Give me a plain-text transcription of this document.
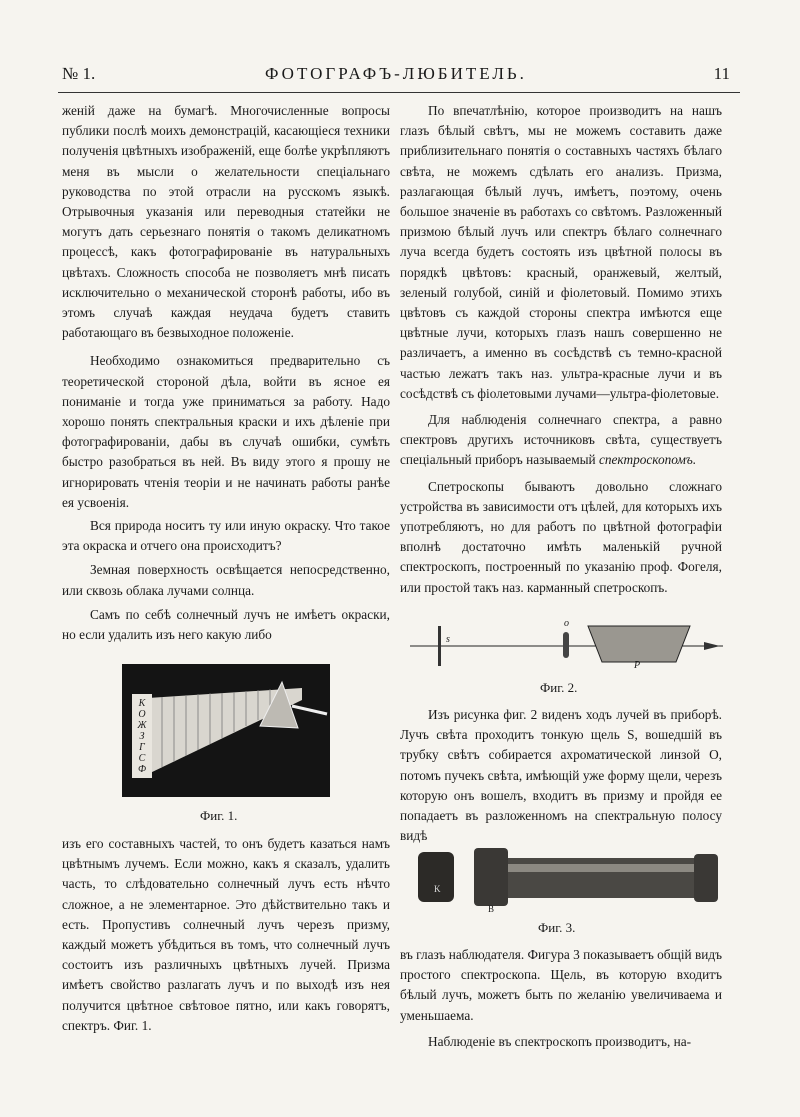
№ 1.	ФОТОГРАФЪ-ЛЮБИТЕЛЬ.	11

женій даже на бумагѣ. Многочисленные вопросы публики послѣ моихъ демонстрацій, касающіеся техники полученія цвѣтныхъ изображеній, еще болѣе укрѣпляютъ меня въ мысли о желательности спеціальнаго руководства по этой отрасли на русскомъ языкѣ. Отрывочныя указанія или переводныя статейки не могутъ дать серьезнаго понятія о такомъ деликатномъ процессѣ, какъ фотографированіе въ натуральныхъ цвѣтахъ. Сложность способа не позволяетъ мнѣ писать исключительно о механической сторонѣ работы, ибо въ этомъ случаѣ каждая неудача будетъ ставить работающаго въ безвыходное положеніе.

Необходимо ознакомиться предварительно съ теоретической стороной дѣла, войти въ ясное ея пониманіе и тогда уже приниматься за работу. Надо хорошо понять спектральныя краски и ихъ дѣленіе при фотографированіи, дабы въ случаѣ ошибки, сумѣть быстро разобраться въ ней. Въ виду этого я прошу не игнорировать чтенія теоріи и не начинать работы ранѣе ея усвоенія.

Вся природа носитъ ту или иную окраску. Что такое эта окраска и отчего она происходитъ?

Земная поверхность освѣщается непосредственно, или сквозь облака лучами солнца.

Самъ по себѣ солнечный лучъ не имѣетъ окраски, но если удалить изъ него какую либо

К
О
Ж
З
Г
С
Ф
Фиг. 1.

изъ его составныхъ частей, то онъ будетъ казаться намъ цвѣтнымъ лучемъ. Если можно, какъ я сказалъ, удалить часть, то слѣдовательно солнечный лучъ есть нѣчто сложное, а не элементарное. Это дѣйствительно такъ и есть. Пропустивъ солнечный лучъ черезъ призму, каждый можетъ убѣдиться въ томъ, что солнечный лучъ состоитъ изъ различныхъ цвѣтныхъ лучей. Призма имѣетъ свойство разлагать лучъ и по выходѣ изъ нея получится цвѣтное свѣтовое пятно, или какъ говорятъ, спектръ. Фиг. 1.

По впечатлѣнію, которое производитъ на нашъ глазъ бѣлый свѣтъ, мы не можемъ составить даже приблизительнаго понятія о составныхъ частяхъ бѣлаго свѣта, не можемъ сдѣлать его анализъ. Призма, разлагающая бѣлый лучъ, имѣетъ, поэтому, очень большое значеніе въ работахъ со свѣтомъ. Разложенный призмою бѣлый лучъ или спектръ бѣлаго солнечнаго луча всегда будетъ состоять изъ цвѣтной полосы въ порядкѣ цвѣтовъ: красный, оранжевый, желтый, зеленый голубой, синій и фіолетовый. Помимо этихъ цвѣтовъ съ каждой стороны спектра имѣются еще цвѣтные лучи, которыхъ глазъ нашъ совершенно не различаетъ, а именно въ сосѣдствѣ съ темно-красной частью лежатъ такъ наз. ультра-красные лучи и въ сосѣдствѣ съ фіолетовыми лучами—ультра-фіолетовые.

Для наблюденія солнечнаго спектра, а равно спектровъ другихъ источниковъ свѣта, существуетъ спеціальный приборъ называемый спектроскопомъ.

Спетроскопы бываютъ довольно сложнаго устройства въ зависимости отъ цѣлей, для которыхъ ихъ употребляютъ, но для работъ по цвѣтной фотографіи вполнѣ достаточно имѣть маленькій ручной спектроскопъ, построенный по указанію проф. Фогеля, или простой такъ наз. карманный спетроскопъ.

s
o
P
Фиг. 2.

Изъ рисунка фиг. 2 виденъ ходъ лучей въ приборѣ. Лучъ свѣта проходитъ тонкую щель S, вошедшій въ трубку свѣтъ собирается ахроматической линзой O, потомъ пучекъ свѣта, имѣющій уже форму щели, черезъ которую онъ вошелъ, входитъ въ призму и пройдя ее попадаетъ въ разложенномъ на спектральную полосу видѣ

K
B
Фиг. 3.

въ глазъ наблюдателя. Фигура 3 показываетъ общій видъ простого спектроскопа. Щель, въ которую входитъ бѣлый лучъ, можетъ быть по желанію увеличиваема и уменьшаема.

Наблюденіе въ спектроскопъ производитъ, на-
